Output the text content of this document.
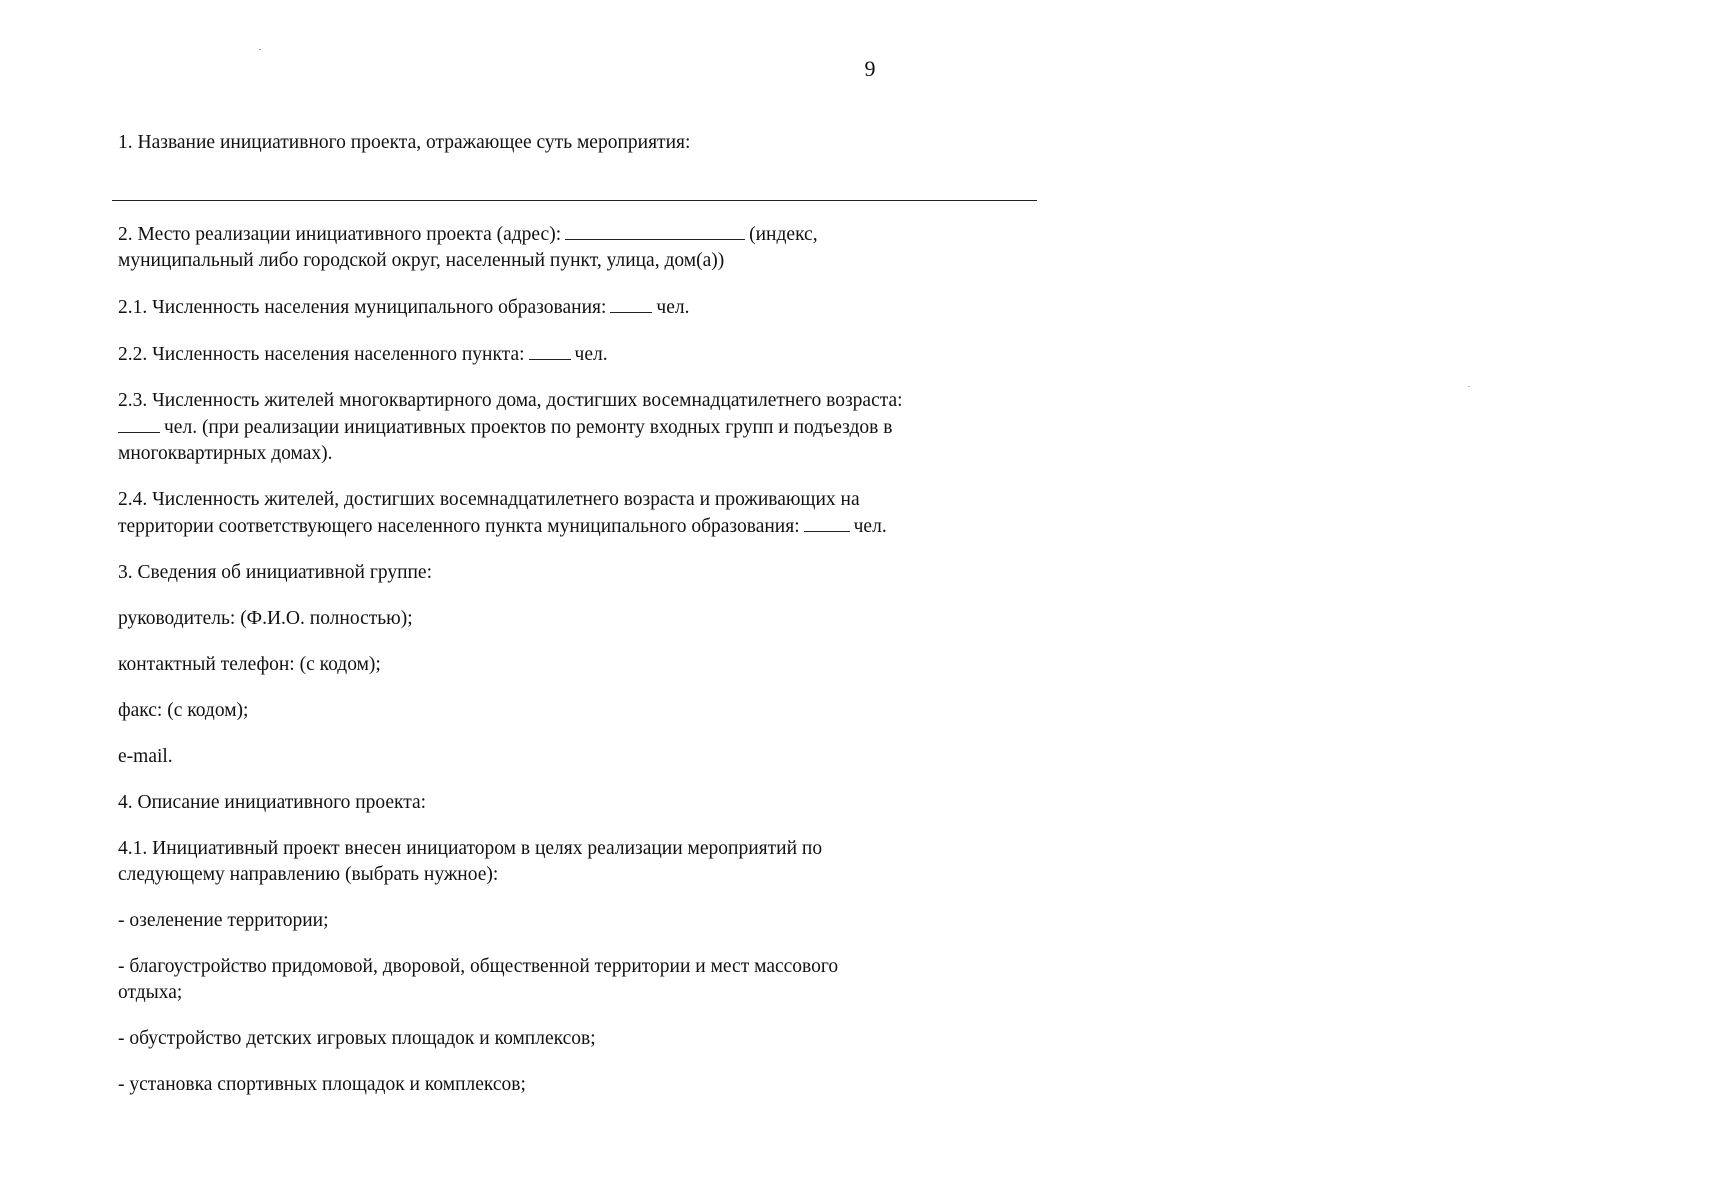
9

1. Название инициативного проекта, отражающее суть мероприятия:

2. Место реализации инициативного проекта (адрес):	(индекс,
муниципальный либо городской округ, населенный пункт, улица, дом(а))

2.1. Численность населения муниципального образования:	чел.

2.2. Численность населения населенного пункта:	чел.

2.3. Численность жителей многоквартирного дома, достигших восемнадцатилетнего возраста:
чел. (при реализации инициативных проектов по ремонту входных групп и подъездов в
многоквартирных домах).

2.4. Численность жителей, достигших восемнадцатилетнего возраста и проживающих на
территории соответствующего населенного пункта муниципального образования:	чел.

3. Сведения об инициативной группе:

руководитель: (Ф.И.О. полностью);

контактный телефон: (с кодом);

факс: (с кодом);

e-mail.

4. Описание инициативного проекта:

4.1. Инициативный проект внесен инициатором в целях реализации мероприятий по
следующему направлению (выбрать нужное):

- озеленение территории;

- благоустройство придомовой, дворовой, общественной территории и мест массового
отдыха;

- обустройство детских игровых площадок и комплексов;

- установка спортивных площадок и комплексов;
